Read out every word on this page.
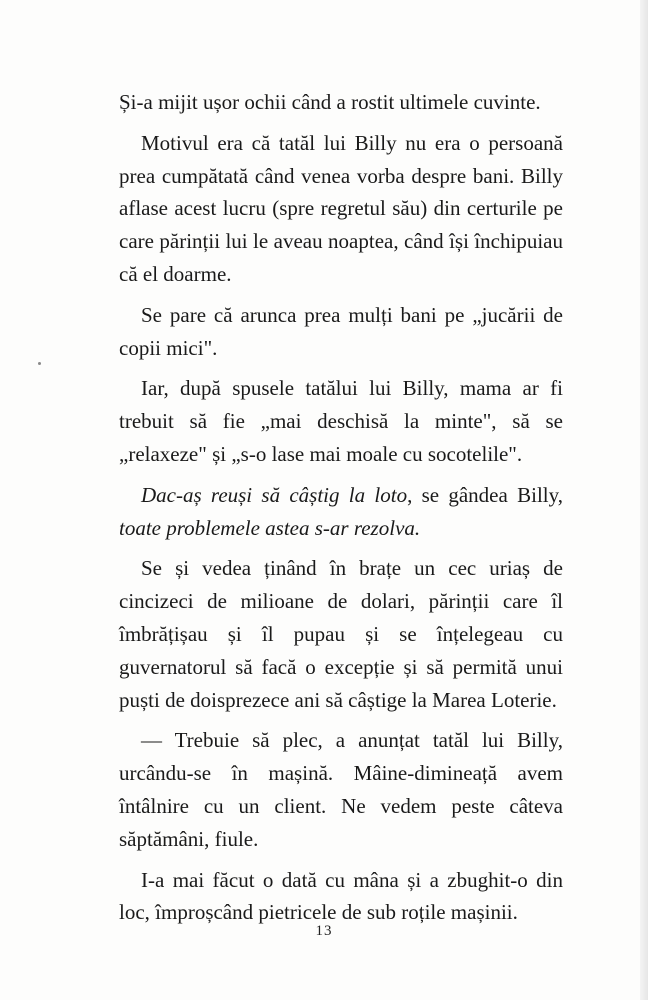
Și-a mijit ușor ochii când a rostit ultimele cuvinte.

Motivul era că tatăl lui Billy nu era o persoană prea cumpătată când venea vorba despre bani. Billy aflase acest lucru (spre regretul său) din certurile pe care părinții lui le aveau noaptea, când își închipuiau că el doarme.

Se pare că arunca prea mulți bani pe „jucării de copii mici".

Iar, după spusele tatălui lui Billy, mama ar fi trebuit să fie „mai deschisă la minte", să se „relaxeze" și „s-o lase mai moale cu socotelile".

Dac-aș reuși să câștig la loto, se gândea Billy, toate problemele astea s-ar rezolva.

Se și vedea ținând în brațe un cec uriaș de cincizeci de milioane de dolari, părinții care îl îmbrățișau și îl pupau și se înțelegeau cu guvernatorul să facă o excepție și să permită unui puști de doisprezece ani să câștige la Marea Loterie.

— Trebuie să plec, a anunțat tatăl lui Billy, urcându-se în mașină. Mâine-dimineață avem întâlnire cu un client. Ne vedem peste câteva săptămâni, fiule.

I-a mai făcut o dată cu mâna și a zbughit-o din loc, împroșcând pietricele de sub roțile mașinii.

13
